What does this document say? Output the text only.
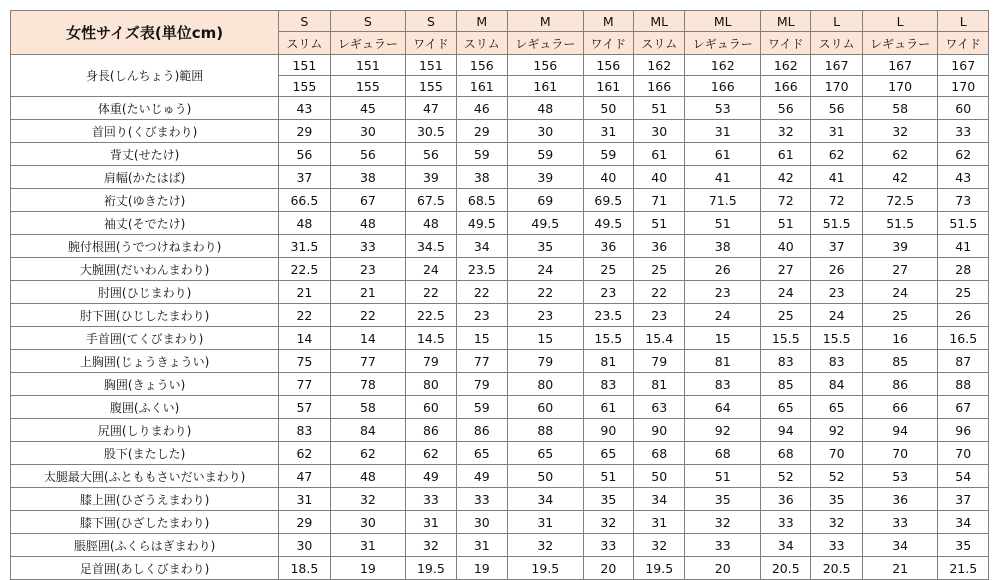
女性サイズ表(単位cm)	S	S	S	M	M	M	ML	ML	ML	L	L	L
	スリム	レギュラー	ワイド	スリム	レギュラー	ワイド	スリム	レギュラー	ワイド	スリム	レギュラー	ワイド
身長(しんちょう)範囲	151	151	151	156	156	156	162	162	162	167	167	167
	155	155	155	161	161	161	166	166	166	170	170	170
体重(たいじゅう)	43	45	47	46	48	50	51	53	56	56	58	60
首回り(くびまわり)	29	30	30.5	29	30	31	30	31	32	31	32	33
背丈(せたけ)	56	56	56	59	59	59	61	61	61	62	62	62
肩幅(かたはば)	37	38	39	38	39	40	40	41	42	41	42	43
裄丈(ゆきたけ)	66.5	67	67.5	68.5	69	69.5	71	71.5	72	72	72.5	73
袖丈(そでたけ)	48	48	48	49.5	49.5	49.5	51	51	51	51.5	51.5	51.5
腕付根囲(うでつけねまわり)	31.5	33	34.5	34	35	36	36	38	40	37	39	41
大腕囲(だいわんまわり)	22.5	23	24	23.5	24	25	25	26	27	26	27	28
肘囲(ひじまわり)	21	21	22	22	22	23	22	23	24	23	24	25
肘下囲(ひじしたまわり)	22	22	22.5	23	23	23.5	23	24	25	24	25	26
手首囲(てくびまわり)	14	14	14.5	15	15	15.5	15.4	15	15.5	15.5	16	16.5
上胸囲(じょうきょうい)	75	77	79	77	79	81	79	81	83	83	85	87
胸囲(きょうい)	77	78	80	79	80	83	81	83	85	84	86	88
腹囲(ふくい)	57	58	60	59	60	61	63	64	65	65	66	67
尻囲(しりまわり)	83	84	86	86	88	90	90	92	94	92	94	96
股下(またした)	62	62	62	65	65	65	68	68	68	70	70	70
太腿最大囲(ふとももさいだいまわり)	47	48	49	49	50	51	50	51	52	52	53	54
膝上囲(ひざうえまわり)	31	32	33	33	34	35	34	35	36	35	36	37
膝下囲(ひざしたまわり)	29	30	31	30	31	32	31	32	33	32	33	34
脹脛囲(ふくらはぎまわり)	30	31	32	31	32	33	32	33	34	33	34	35
足首囲(あしくびまわり)	18.5	19	19.5	19	19.5	20	19.5	20	20.5	20.5	21	21.5
